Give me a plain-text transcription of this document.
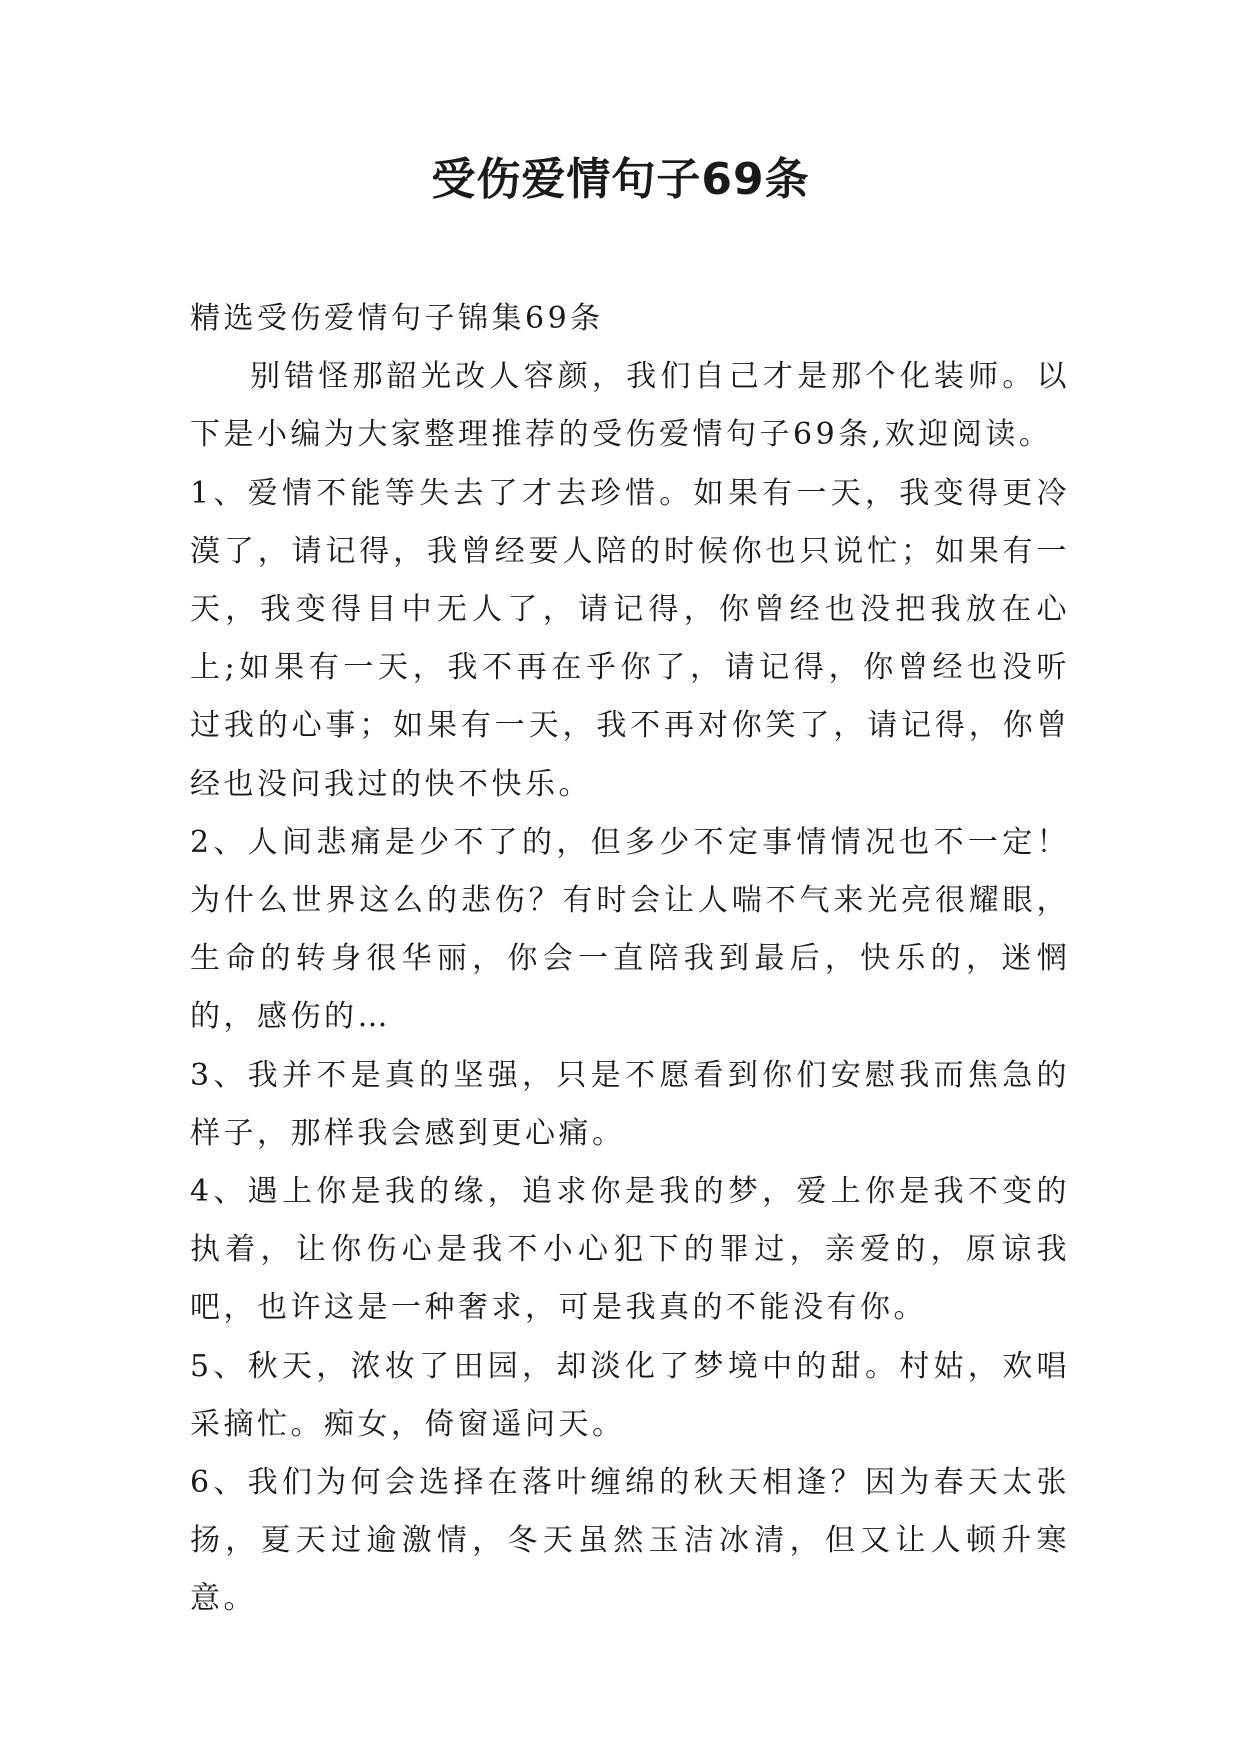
受伤爱情句子69条

精选受伤爱情句子锦集69条

别错怪那韶光改人容颜，我们自己才是那个化装师。以下是小编为大家整理推荐的受伤爱情句子69条,欢迎阅读。

1、爱情不能等失去了才去珍惜。如果有一天，我变得更冷漠了，请记得，我曾经要人陪的时候你也只说忙；如果有一天，我变得目中无人了，请记得，你曾经也没把我放在心上;如果有一天，我不再在乎你了，请记得，你曾经也没听过我的心事；如果有一天，我不再对你笑了，请记得，你曾经也没问我过的快不快乐。

2、人间悲痛是少不了的，但多少不定事情情况也不一定！为什么世界这么的悲伤？有时会让人喘不气来光亮很耀眼，生命的转身很华丽，你会一直陪我到最后，快乐的，迷惘的，感伤的…

3、我并不是真的坚强，只是不愿看到你们安慰我而焦急的样子，那样我会感到更心痛。

4、遇上你是我的缘，追求你是我的梦，爱上你是我不变的执着，让你伤心是我不小心犯下的罪过，亲爱的，原谅我吧，也许这是一种奢求，可是我真的不能没有你。

5、秋天，浓妆了田园，却淡化了梦境中的甜。村姑，欢唱采摘忙。痴女，倚窗遥问天。

6、我们为何会选择在落叶缠绵的秋天相逢？因为春天太张扬，夏天过逾激情，冬天虽然玉洁冰清，但又让人顿升寒意。
